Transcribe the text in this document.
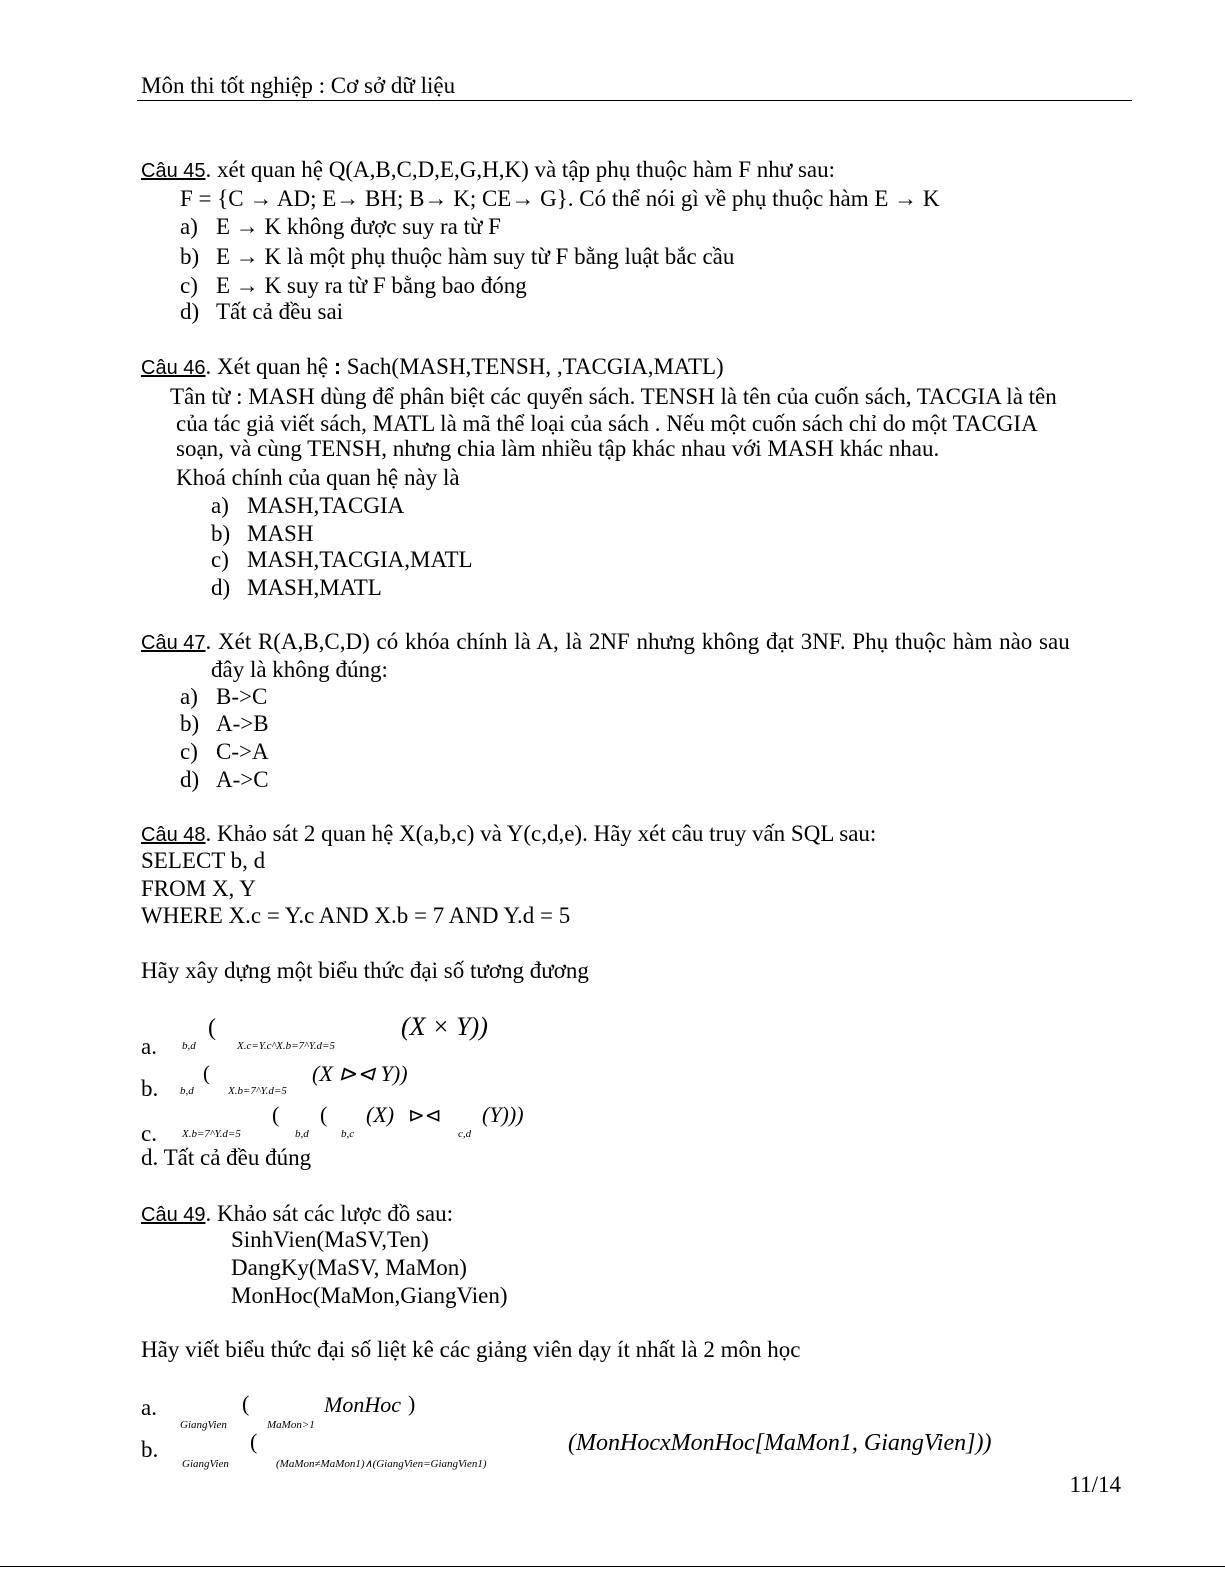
Môn thi tốt nghiệp : Cơ sở dữ liệu
Câu 45. xét quan hệ Q(A,B,C,D,E,G,H,K) và tập phụ thuộc hàm F như sau:
F = {C → AD; E→ BH; B→ K; CE→ G}. Có thể nói gì về phụ thuộc hàm E → K
a) E → K không được suy ra từ F
b) E → K là một phụ thuộc hàm suy từ F bằng luật bắc cầu
c) E → K suy ra từ F bằng bao đóng
d) Tất cả đều sai
Câu 46. Xét quan hệ : Sach(MASH,TENSH, ,TACGIA,MATL)
Tân từ : MASH dùng để phân biệt các quyển sách. TENSH là tên của cuốn sách, TACGIA là tên
của tác giả viết sách, MATL là mã thể loại của sách . Nếu một cuốn sách chỉ do một TACGIA
soạn, và cùng TENSH, nhưng chia làm nhiều tập khác nhau với MASH khác nhau.
Khoá chính của quan hệ này là
a) MASH,TACGIA
b) MASH
c) MASH,TACGIA,MATL
d) MASH,MATL
Câu 47. Xét R(A,B,C,D) có khóa chính là A, là 2NF nhưng không đạt 3NF. Phụ thuộc hàm nào sau
đây là không đúng:
a) B->C
b) A->B
c) C->A
d) A->C
Câu 48. Khảo sát 2 quan hệ X(a,b,c) và Y(c,d,e). Hãy xét câu truy vấn SQL sau:
SELECT b, d
FROM X, Y
WHERE X.c = Y.c AND X.b = 7 AND Y.d = 5
Hãy xây dựng một biểu thức đại số tương đương
a. b,d
(
X.c=Y.c^X.b=7^Y.d=5
(X × Y))
b. b,d
(
X.b=7^Y.d=5
(X ⊳⊲ Y))
c. X.b=7^Y.d=5
(
b,d
(
b,c
(X) ⊳⊲
c,d
(Y)))
d. Tất cả đều đúng
Câu 49. Khảo sát các lược đồ sau:
SinhVien(MaSV,Ten)
DangKy(MaSV, MaMon)
MonHoc(MaMon,GiangVien)
Hãy viết biểu thức đại số liệt kê các giảng viên dạy ít nhất là 2 môn học
a.
GiangVien
(
MaMon>1
MonHoc )
b.
GiangVien
(
(MaMon≠MaMon1)∧(GiangVien=GiangVien1)
(MonHocxMonHoc[MaMon1, GiangVien]))
11/14
